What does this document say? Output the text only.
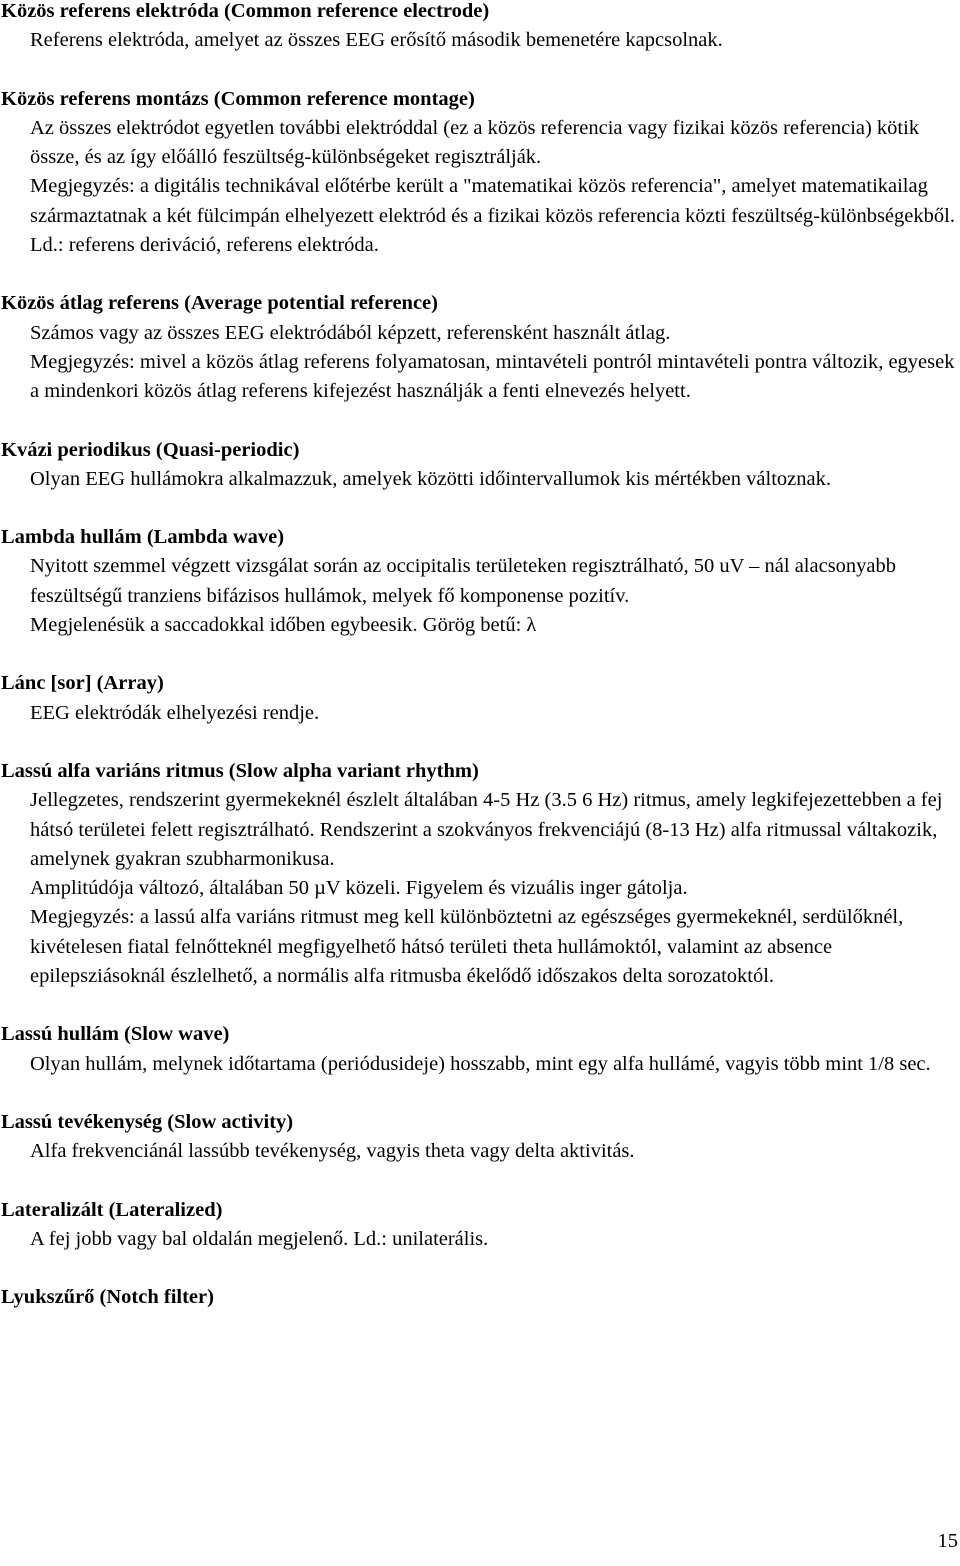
Közös referens elektróda (Common reference electrode)
Referens elektróda, amelyet az összes EEG erősítő második bemenetére kapcsolnak.
Közös referens montázs (Common reference montage)
Az összes elektródot egyetlen további elektróddal (ez a közös referencia vagy fizikai közös referencia) kötik össze, és az így előálló feszültség-különbségeket regisztrálják.
Megjegyzés: a digitális technikával előtérbe került a "matematikai közös referencia", amelyet matematikailag származtatnak a két fülcimpán elhelyezett elektród és a fizikai közös referencia közti feszültség-különbségekből. Ld.: referens deriváció, referens elektróda.
Közös átlag referens (Average potential reference)
Számos vagy az összes EEG elektródából képzett, referensként használt átlag.
Megjegyzés: mivel a közös átlag referens folyamatosan, mintavételi pontról mintavételi pontra változik, egyesek a mindenkori közös átlag referens kifejezést használják a fenti elnevezés helyett.
Kvázi periodikus (Quasi-periodic)
Olyan EEG hullámokra alkalmazzuk, amelyek közötti időintervallumok kis mértékben változnak.
Lambda hullám (Lambda wave)
Nyitott szemmel végzett vizsgálat során az occipitalis területeken regisztrálható, 50 uV – nál alacsonyabb feszültségű tranziens bifázisos hullámok, melyek fő komponense pozitív.
Megjelenésük a saccadokkal időben egybeesik. Görög betű: λ
Lánc [sor] (Array)
EEG elektródák elhelyezési rendje.
Lassú alfa variáns ritmus (Slow alpha variant rhythm)
Jellegzetes, rendszerint gyermekeknél észlelt általában 4-5 Hz (3.5 6 Hz) ritmus, amely legkifejezettebben a fej hátsó területei felett regisztrálható. Rendszerint a szokványos frekvenciájú (8-13 Hz) alfa ritmussal váltakozik, amelynek gyakran szubharmonikusa.
Amplitúdója változó, általában 50 µV közeli. Figyelem és vizuális inger gátolja.
Megjegyzés: a lassú alfa variáns ritmust meg kell különböztetni az egészséges gyermekeknél, serdülőknél, kivételesen fiatal felnőtteknél megfigyelhető hátsó területi theta hullámoktól, valamint az absence epilepsziásoknál észlelhető, a normális alfa ritmusba ékelődő időszakos delta sorozatoktól.
Lassú hullám (Slow wave)
Olyan hullám, melynek időtartama (periódusideje) hosszabb, mint egy alfa hullámé, vagyis több mint 1/8 sec.
Lassú tevékenység (Slow activity)
Alfa frekvenciánál lassúbb tevékenység, vagyis theta vagy delta aktivitás.
Lateralizált (Lateralized)
A fej jobb vagy bal oldalán megjelenő. Ld.: unilaterális.
Lyukszűrő (Notch filter)
15
